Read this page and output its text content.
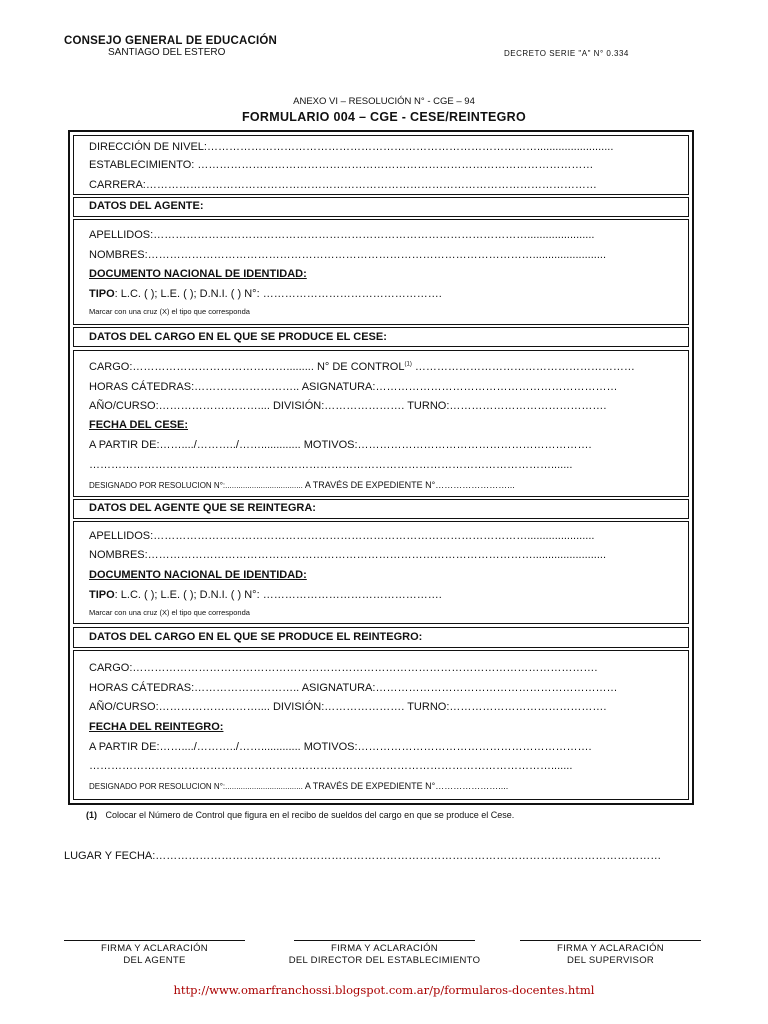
CONSEJO GENERAL DE EDUCACIÓN
SANTIAGO DEL ESTERO	DECRETO SERIE "A" N° 0.334
ANEXO VI – RESOLUCIÓN N° - CGE – 94
FORMULARIO 004 – CGE - CESE/REINTEGRO
DIRECCIÓN DE NIVEL:……………………………………………………………………………….........................
ESTABLECIMIENTO: ………………………………………………………………………………………………
CARRERA:……………………………………………………………………………………………………………
DATOS DEL AGENTE:
APELLIDOS:…………………………………………………………………………………………......................
NOMBRES:……………………………………………………………………………………………........................
DOCUMENTO NACIONAL DE IDENTIDAD:
TIPO: L.C. ( ); L.E. ( ); D.N.I. ( ) N°: ………………………………………….
Marcar con una cruz (X) el tipo que corresponda
DATOS DEL CARGO EN EL QUE SE PRODUCE EL CESE:
CARGO:……………………………………......... N° DE CONTROL$^{(1)}$ ……………………………………………………
HORAS CÁTEDRAS:……………………….. ASIGNATURA:…………………………………………………………
AÑO/CURSO:……………………….... DIVISIÓN:…………………. TURNO:…………………………………….
FECHA DEL CESE:
A PARTIR DE:……..../………../……............. MOTIVOS:……………………………………………………….
……………………………………………………………………………………………………………….......
DESIGNADO POR RESOLUCION N°:................................... A TRAVÉS DE EXPEDIENTE N°……………………...
DATOS DEL AGENTE QUE SE REINTEGRA:
APELLIDOS:…………………………………………………………………………………………......................
NOMBRES:……………………………………………………………………………………………........................
DOCUMENTO NACIONAL DE IDENTIDAD:
TIPO: L.C. ( ); L.E. ( ); D.N.I. ( ) N°: ………………………………………….
Marcar con una cruz (X) el tipo que corresponda
DATOS DEL CARGO EN EL QUE SE PRODUCE EL REINTEGRO:
CARGO:……………………………………………………………………………………………………………….
HORAS CÁTEDRAS:……………………….. ASIGNATURA:…………………………………………………………
AÑO/CURSO:……………………….... DIVISIÓN:…………………. TURNO:…………………………………….
FECHA DEL REINTEGRO:
A PARTIR DE:……..../………../……............. MOTIVOS:……………………………………………………….
……………………………………………………………………………………………………………….......
DESIGNADO POR RESOLUCION N°:................................... A TRAVÉS DE EXPEDIENTE N°…………………....
(1) Colocar el Número de Control que figura en el recibo de sueldos del cargo en que se produce el Cese.
LUGAR Y FECHA:…………………………………………………………………………………………………………………………
FIRMA Y ACLARACIÓN
DEL AGENTE
FIRMA Y ACLARACIÓN
DEL DIRECTOR DEL ESTABLECIMIENTO
FIRMA Y ACLARACIÓN
DEL SUPERVISOR
http://www.omarfranchossi.blogspot.com.ar/p/formularos-docentes.html
